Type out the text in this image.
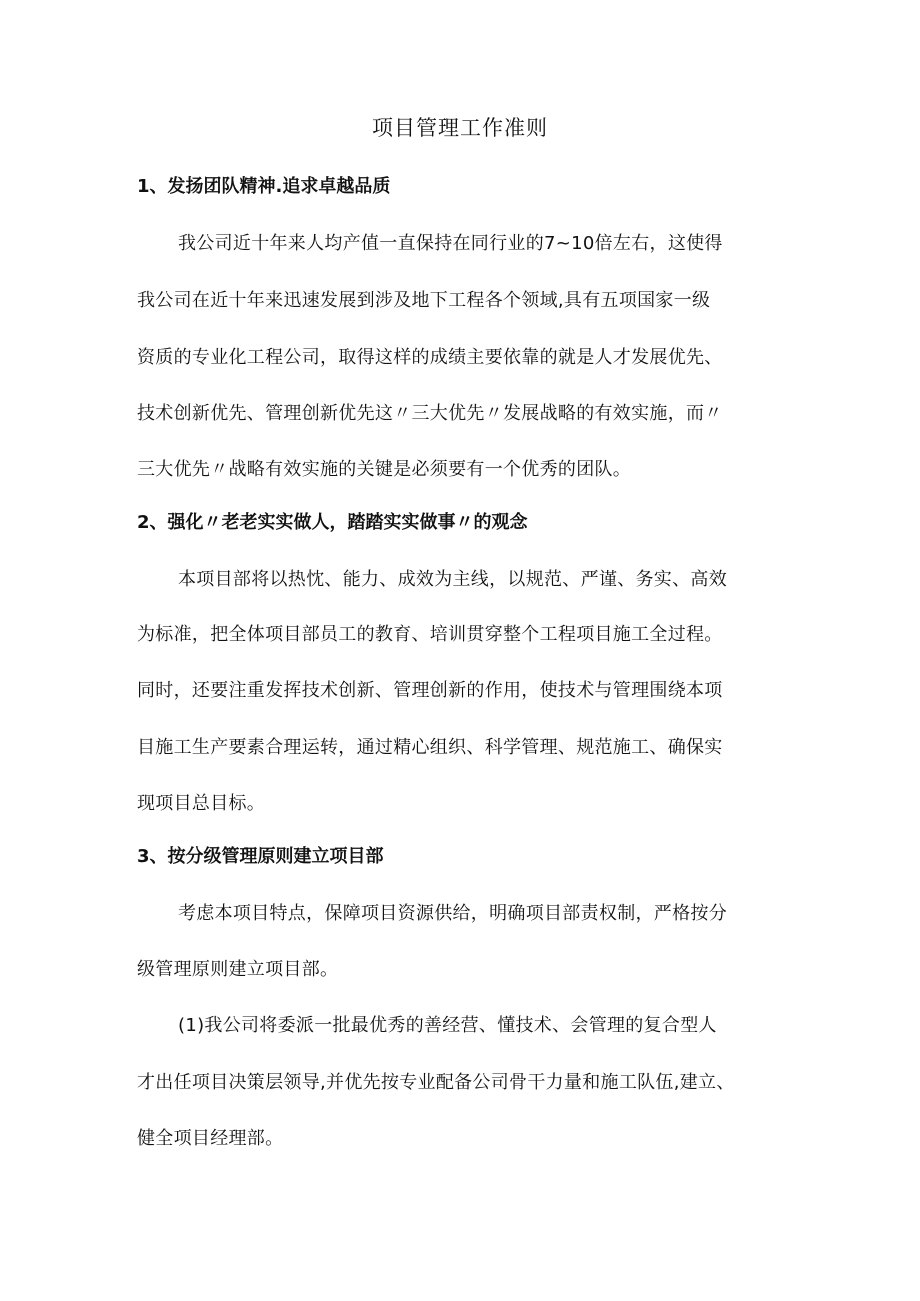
项目管理工作准则
1、发扬团队精神.追求卓越品质
我公司近十年来人均产值一直保持在同行业的7~10倍左右，这使得
我公司在近十年来迅速发展到涉及地下工程各个领域,具有五项国家一级
资质的专业化工程公司，取得这样的成绩主要依靠的就是人才发展优先、
技术创新优先、管理创新优先这〃三大优先〃发展战略的有效实施，而〃
三大优先〃战略有效实施的关键是必须要有一个优秀的团队。
2、强化〃老老实实做人，踏踏实实做事〃的观念
本项目部将以热忱、能力、成效为主线，以规范、严谨、务实、高效
为标准，把全体项目部员工的教育、培训贯穿整个工程项目施工全过程。
同时，还要注重发挥技术创新、管理创新的作用，使技术与管理围绕本项
目施工生产要素合理运转，通过精心组织、科学管理、规范施工、确保实
现项目总目标。
3、按分级管理原则建立项目部
考虑本项目特点，保障项目资源供给，明确项目部责权制，严格按分
级管理原则建立项目部。
(1)我公司将委派一批最优秀的善经营、懂技术、会管理的复合型人
才出任项目决策层领导,并优先按专业配备公司骨干力量和施工队伍,建立、
健全项目经理部。
